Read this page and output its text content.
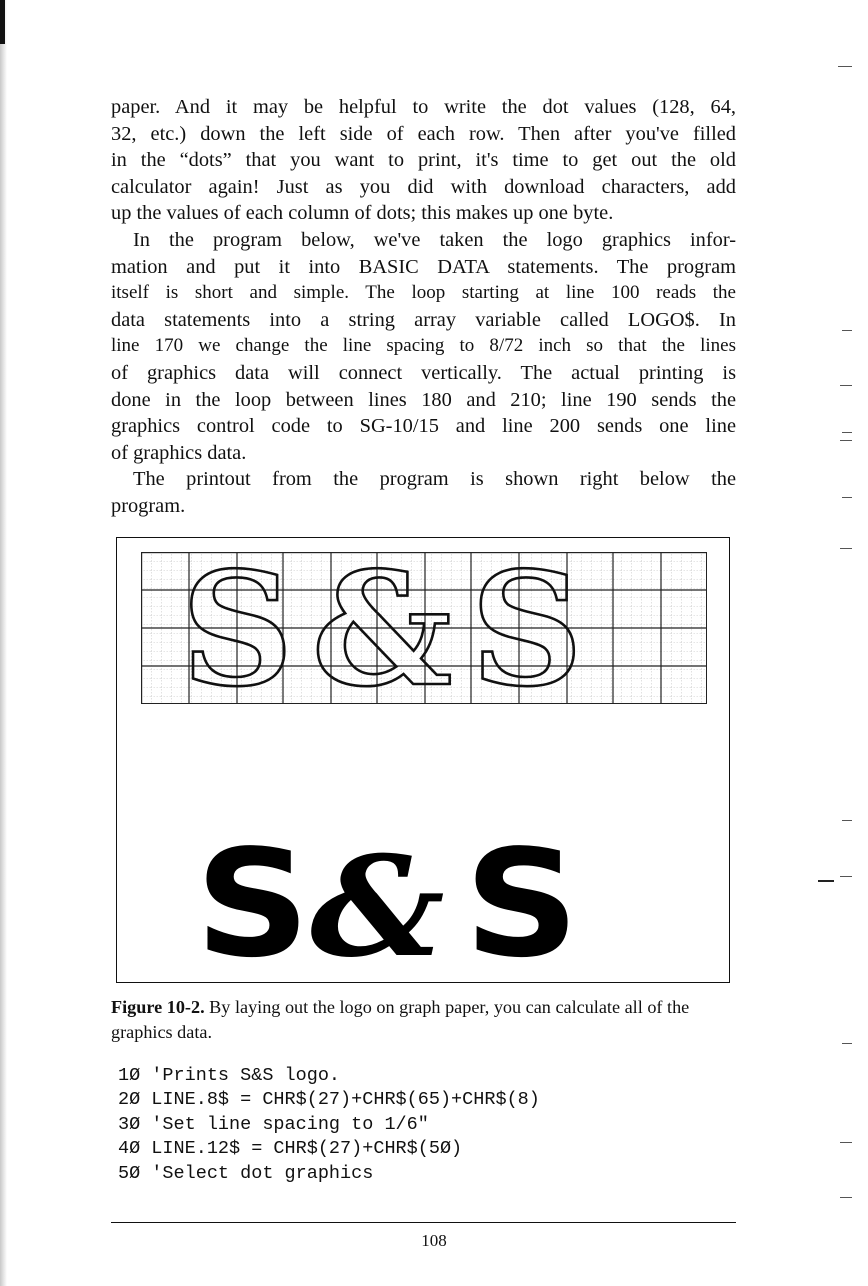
paper. And it may be helpful to write the dot values (128, 64,

32, etc.) down the left side of each row. Then after you've filled

in the “dots” that you want to print, it's time to get out the old

calculator again! Just as you did with download characters, add

up the values of each column of dots; this makes up one byte.

In the program below, we've taken the logo graphics infor-

mation and put it into BASIC DATA statements. The program

itself is short and simple. The loop starting at line 100 reads the

data statements into a string array variable called LOGO$. In

line 170 we change the line spacing to 8/72 inch so that the lines

of graphics data will connect vertically. The actual printing is

done in the loop between lines 180 and 210; line 190 sends the

graphics control code to SG-10/15 and line 200 sends one line

of graphics data.

The printout from the program is shown right below the

program.

S&S
S& S

Figure 10-2. By laying out the logo on graph paper, you can calculate all of the graphics data.

1Ø 'Prints S&S logo.
2Ø LINE.8$ = CHR$(27)+CHR$(65)+CHR$(8)
3Ø 'Set line spacing to 1/6"
4Ø LINE.12$ = CHR$(27)+CHR$(5Ø)
5Ø 'Select dot graphics

108
